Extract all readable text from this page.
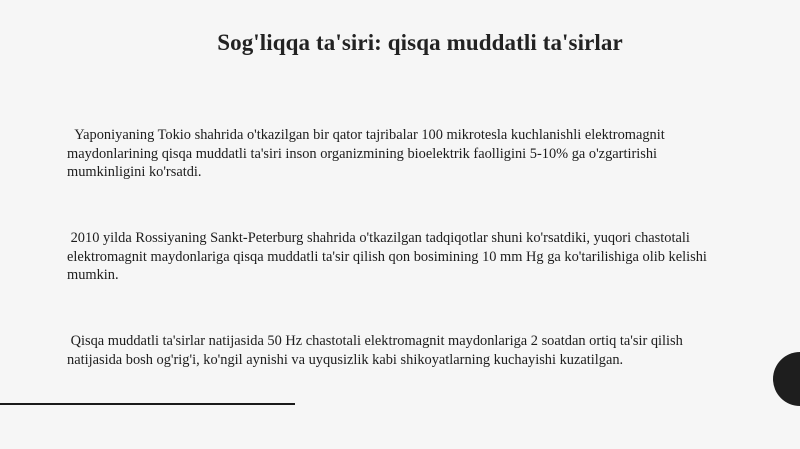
Sog'liqqa ta'siri: qisqa muddatli ta'sirlar

Yaponiyaning Tokio shahrida o'tkazilgan bir qator tajribalar 100 mikrotesla kuchlanishli elektromagnit maydonlarining qisqa muddatli ta'siri inson organizmining bioelektrik faolligini 5-10% ga o'zgartirishi mumkinligini ko'rsatdi.

2010 yilda Rossiyaning Sankt-Peterburg shahrida o'tkazilgan tadqiqotlar shuni ko'rsatdiki, yuqori chastotali elektromagnit maydonlariga qisqa muddatli ta'sir qilish qon bosimining 10 mm Hg ga ko'tarilishiga olib kelishi mumkin.

Qisqa muddatli ta'sirlar natijasida 50 Hz chastotali elektromagnit maydonlariga 2 soatdan ortiq ta'sir qilish natijasida bosh og'rig'i, ko'ngil aynishi va uyqusizlik kabi shikoyatlarning kuchayishi kuzatilgan.
